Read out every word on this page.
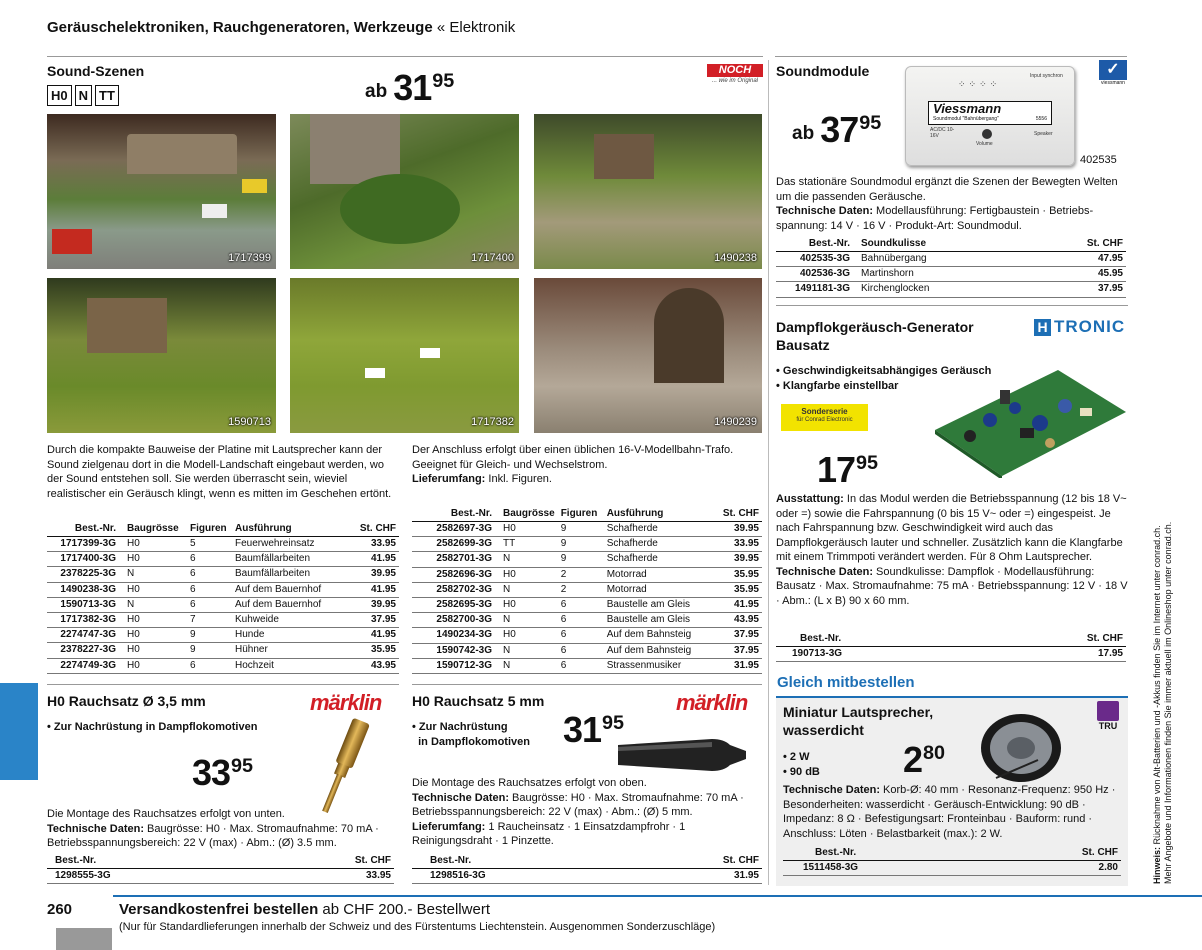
Geräuschelektroniken, Rauchgeneratoren, Werkzeuge « Elektronik
Sound-Szenen
H0 N TT	ab $31^{95}$	NOCH
... wie im Original
1717399	1717400	1490238
1590713	1717382	1490239
Durch die kompakte Bauweise der Platine mit Lautsprecher kann der Sound zielgenau dort in die Modell-Landschaft eingebaut werden, wo der Sound entstehen soll. Sie werden überrascht sein, wieviel realistischer ein Geräusch klingt, wenn es mitten im Geschehen ertönt.
Der Anschluss erfolgt über einen üblichen 16-V-Modellbahn-Trafo. Geeignet für Gleich- und Wechselstrom.
Lieferumfang: Inkl. Figuren.
Best.-Nr.	Baugrösse	Figuren	Ausführung	St. CHF
1717399-3G	H0	5	Feuerwehreinsatz	33.95
1717400-3G	H0	6	Baumfällarbeiten	41.95
2378225-3G	N	6	Baumfällarbeiten	39.95
1490238-3G	H0	6	Auf dem Bauernhof	41.95
1590713-3G	N	6	Auf dem Bauernhof	39.95
1717382-3G	H0	7	Kuhweide	37.95
2274747-3G	H0	9	Hunde	41.95
2378227-3G	H0	9	Hühner	35.95
2274749-3G	H0	6	Hochzeit	43.95
Best.-Nr.	Baugrösse	Figuren	Ausführung	St. CHF
2582697-3G	H0	9	Schafherde	39.95
2582699-3G	TT	9	Schafherde	33.95
2582701-3G	N	9	Schafherde	39.95
2582696-3G	H0	2	Motorrad	35.95
2582702-3G	N	2	Motorrad	35.95
2582695-3G	H0	6	Baustelle am Gleis	41.95
2582700-3G	N	6	Baustelle am Gleis	43.95
1490234-3G	H0	6	Auf dem Bahnsteig	37.95
1590742-3G	N	6	Auf dem Bahnsteig	37.95
1590712-3G	N	6	Strassenmusiker	31.95
H0 Rauchsatz Ø 3,5 mm	märklin
• Zur Nachrüstung in Dampflokomotiven
$33^{95}$
Die Montage des Rauchsatzes erfolgt von unten.
Technische Daten: Baugrösse: H0 · Max. Stromaufnahme: 70 mA · Betriebsspannungsbereich: 22 V (max) · Abm.: (Ø) 3.5 mm.
Best.-Nr.	St. CHF
1298555-3G	33.95
H0 Rauchsatz 5 mm	märklin
• Zur Nachrüstung
in Dampflokomotiven $31^{95}$
Die Montage des Rauchsatzes erfolgt von oben.
Technische Daten: Baugrösse: H0 · Max. Stromaufnahme: 70 mA · Betriebsspannungsbereich: 22 V (max) · Abm.: (Ø) 5 mm.
Lieferumfang: 1 Raucheinsatz · 1 Einsatzdampfrohr · 1 Reinigungsdraht · 1 Pinzette.
Best.-Nr.	St. CHF
1298516-3G	31.95
Soundmodule
ab $37^{95}$
✓
viessmann
⁘⁘⁘⁘
Input synchron
Viessmann
Soundmodul "Bahnübergang"	5556
AC/DC 10-16V
Volume
Speaker
402535
Das stationäre Soundmodul ergänzt die Szenen der Bewegten Welten um die passenden Geräusche.
Technische Daten: Modellausführung: Fertigbaustein · Betriebsspannung: 14 V · 16 V · Produkt-Art: Soundmodul.
Best.-Nr.	Soundkulisse	St. CHF
402535-3G	Bahnübergang	47.95
402536-3G	Martinshorn	45.95
1491181-3G	Kirchenglocken	37.95
Dampflokgeräusch-Generator
Bausatz
H TRONIC
• Geschwindigkeitsabhängiges Geräusch
• Klangfarbe einstellbar
Sonderserie
für Conrad Electronic
$17^{95}$
Ausstattung: In das Modul werden die Betriebsspannung (12 bis 18 V~ oder =) sowie die Fahrspannung (0 bis 15 V~ oder =) eingespeist. Je nach Fahrspannung bzw. Geschwindigkeit wird auch das Dampflokgeräusch lauter und schneller. Zusätzlich kann die Klangfarbe mit einem Trimmpoti verändert werden. Für 8 Ohm Lautsprecher.
Technische Daten: Soundkulisse: Dampflok · Modellausführung: Bausatz · Max. Stromaufnahme: 75 mA · Betriebsspannung: 12 V · 18 V · Abm.: (L x B) 90 x 60 mm.
Best.-Nr.	St. CHF
190713-3G	17.95
Gleich mitbestellen
Miniatur Lautsprecher,
wasserdicht	TRU
• 2 W
• 90 dB $2^{80}$
Technische Daten: Korb-Ø: 40 mm · Resonanz-Frequenz: 950 Hz · Besonderheiten: wasserdicht · Geräusch-Entwicklung: 90 dB · Impedanz: 8 Ω · Befestigungsart: Fronteinbau · Bauform: rund · Anschluss: Löten · Belastbarkeit (max.): 2 W.
Best.-Nr.	St. CHF
1511458-3G	2.80	Hinweis: Rücknahme von Alt-Batterien und -Akkus finden Sie im Internet unter conrad.ch. Mehr Angebote und Informationen finden Sie immer aktuell im Onlineshop unter conrad.ch.
260	Versandkostenfrei bestellen ab CHF 200.- Bestellwert
(Nur für Standardlieferungen innerhalb der Schweiz und des Fürstentums Liechtenstein. Ausgenommen Sonderzuschläge)
